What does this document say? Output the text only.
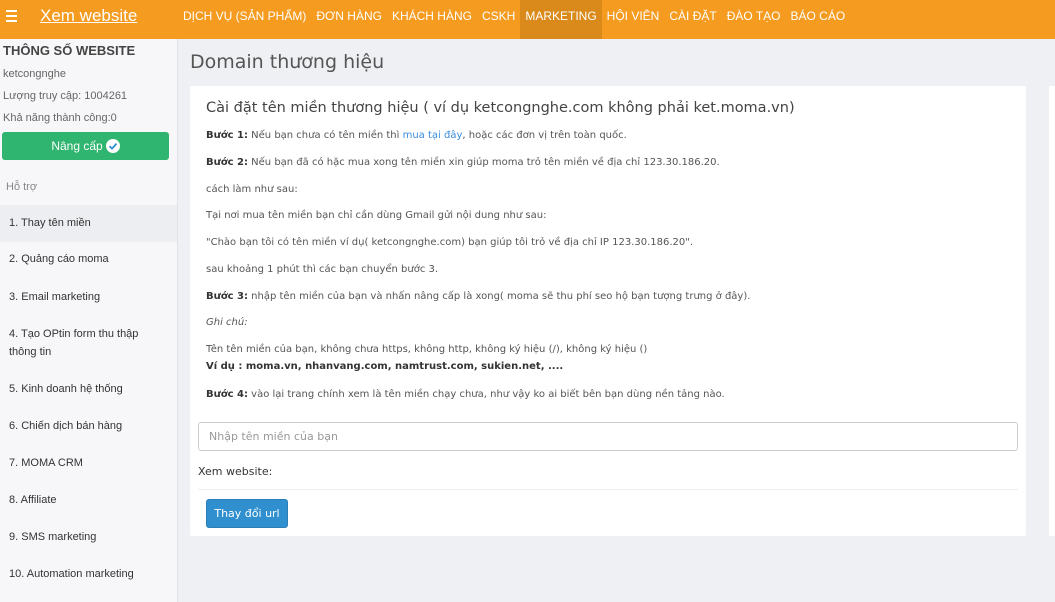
Xem website	DỊCH VỤ (SẢN PHẨM) ĐƠN HÀNG KHÁCH HÀNG CSKH MARKETING HỘI VIÊN CÀI ĐẶT ĐÀO TẠO BÁO CÁO
THÔNG SỐ WEBSITE
ketcongnghe
Lượng truy cập: 1004261
Khả năng thành công:0
Nâng cấp
Hỗ trợ
1. Thay tên miền
2. Quảng cáo moma
3. Email marketing
4. Tạo OPtin form thu thập thông tin
5. Kinh doanh hệ thống
6. Chiến dịch bán hàng
7. MOMA CRM
8. Affiliate
9. SMS marketing
10. Automation marketing
Domain thương hiệu
Cài đặt tên miền thương hiệu ( ví dụ ketcongnghe.com không phải ket.moma.vn)
Bước 1: Nếu bạn chưa có tên miền thì mua tại đây, hoặc các đơn vị trên toàn quốc.
Bước 2: Nếu bạn đã có hặc mua xong tên miền xin giúp moma trỏ tên miền về địa chỉ 123.30.186.20.
cách làm như sau:
Tại nơi mua tên miền bạn chỉ cần dùng Gmail gửi nội dung như sau:
"Chào bạn tôi có tên miền ví dụ( ketcongnghe.com) bạn giúp tôi trỏ về địa chỉ IP 123.30.186.20".
sau khoảng 1 phút thì các bạn chuyển bước 3.
Bước 3: nhập tên miền của bạn và nhấn nâng cấp là xong( moma sẽ thu phí seo hộ bạn tượng trưng ở đây).
Ghi chú:
Tên tên miền của bạn, không chưa https, không http, không ký hiệu (/), không ký hiệu ()
Ví dụ : moma.vn, nhanvang.com, namtrust.com, sukien.net, ....
Bước 4: vào lại trang chính xem là tên miền chạy chưa, như vậy ko ai biết bên bạn dùng nền tảng nào.
Nhập tên miền của bạn
Xem website:
Thay đổi url
